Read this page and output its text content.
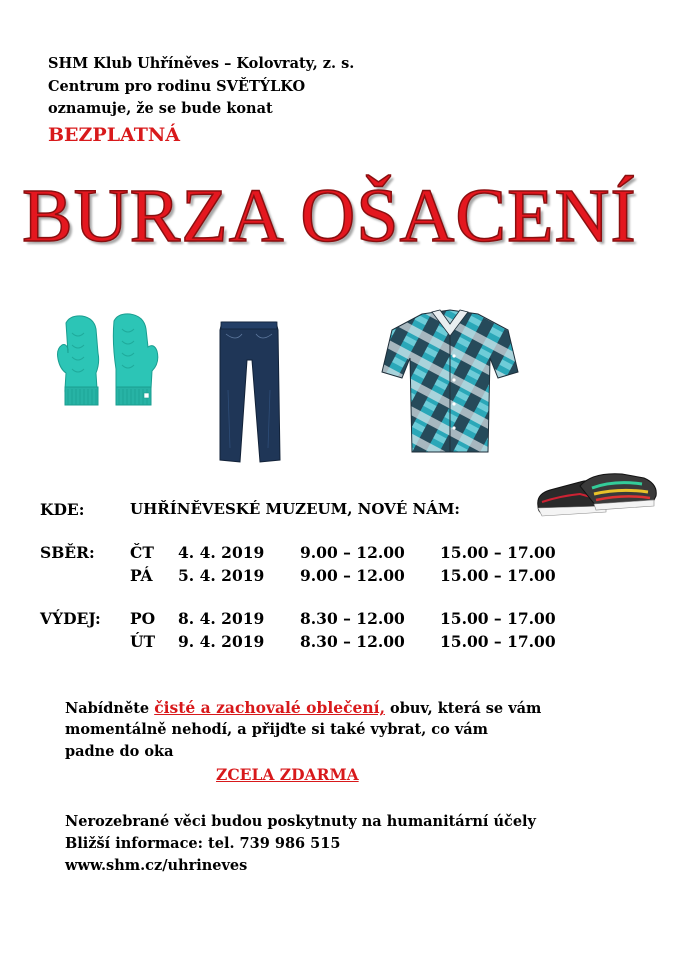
SHM Klub Uhříněves – Kolovraty, z. s.
Centrum pro rodinu SVĚTÝLKO
oznamuje, že se bude konat
BEZPLATNÁ
BURZA OŠACENÍ
KDE:	UHŘÍNĚVESKÉ MUZEUM, NOVÉ NÁM:
SBĚR: ČT 4. 4. 2019 9.00 – 12.00 15.00 – 17.00
PÁ 5. 4. 2019 9.00 – 12.00 15.00 – 17.00
VÝDEJ: PO 8. 4. 2019 8.30 – 12.00 15.00 – 17.00
ÚT 9. 4. 2019 8.30 – 12.00 15.00 – 17.00
Nabídněte čisté a zachovalé oblečení, obuv, která se vám
momentálně nehodí, a přijďte si také vybrat, co vám
padne do oka
ZCELA ZDARMA
Nerozebrané věci budou poskytnuty na humanitární účely
Bližší informace: tel. 739 986 515
www.shm.cz/uhrineves
